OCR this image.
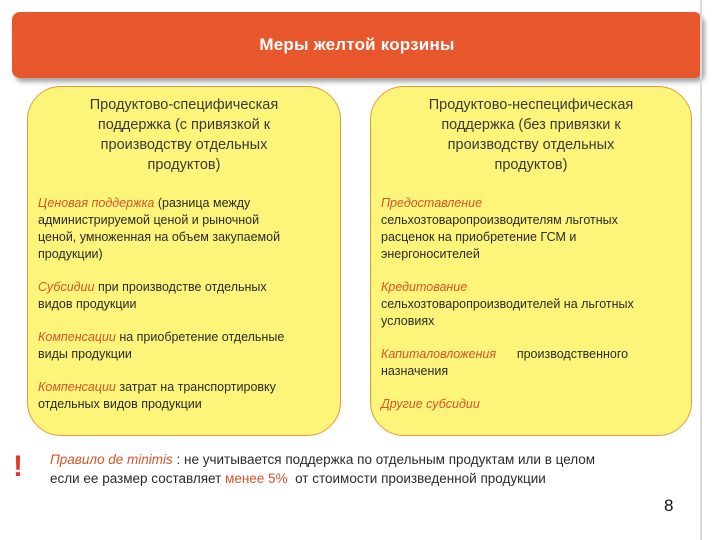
Меры желтой корзины
Продуктово-специфическая
поддержка (с привязкой к
производству отдельных
продуктов)
Ценовая поддержка (разница между
администрируемой ценой и рыночной
ценой, умноженная на объем закупаемой
продукции)
Субсидии при производстве отдельных
видов продукции
Компенсации на приобретение отдельные
виды продукции
Компенсации затрат на транспортировку
отдельных видов продукции
Продуктово-неспецифическая
поддержка (без привязки к
производству отдельных
продуктов)
Предоставление
сельхозтоваропроизводителям льготных
расценок на приобретение ГСМ и
энергоносителей
Кредитование
сельхозтоваропроизводителей на льготных
условиях
Капиталовложения      производственного
назначения
Другие субсидии
!	Правило de minimis : не учитывается поддержка по отдельным продуктам или в целом
если ее размер составляет менее 5%  от стоимости произведенной продукции
8
